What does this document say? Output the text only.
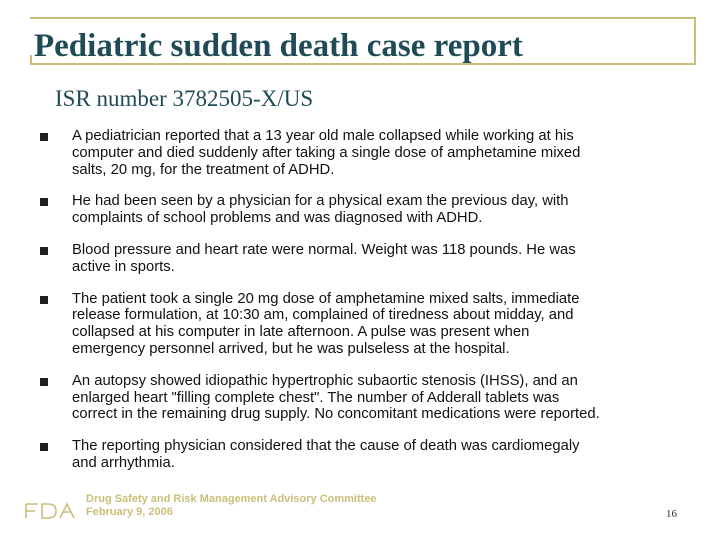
Pediatric sudden death case report
ISR number 3782505-X/US
A pediatrician reported that a 13 year old male collapsed while working at his
computer and died suddenly after taking a single dose of amphetamine mixed
salts, 20 mg, for the treatment of ADHD.
He had been seen by a physician for a physical exam the previous day, with
complaints of school problems and was diagnosed with ADHD.
Blood pressure and heart rate were normal. Weight was 118 pounds. He was
active in sports.
The patient took a single 20 mg dose of amphetamine mixed salts, immediate
release formulation, at 10:30 am, complained of tiredness about midday, and
collapsed at his computer in late afternoon. A pulse was present when
emergency personnel arrived, but he was pulseless at the hospital.
An autopsy showed idiopathic hypertrophic subaortic stenosis (IHSS), and an
enlarged heart "filling complete chest". The number of Adderall tablets was
correct in the remaining drug supply. No concomitant medications were reported.
The reporting physician considered that the cause of death was cardiomegaly
and arrhythmia.
Drug Safety and Risk Management Advisory Committee
February 9, 2006	16
